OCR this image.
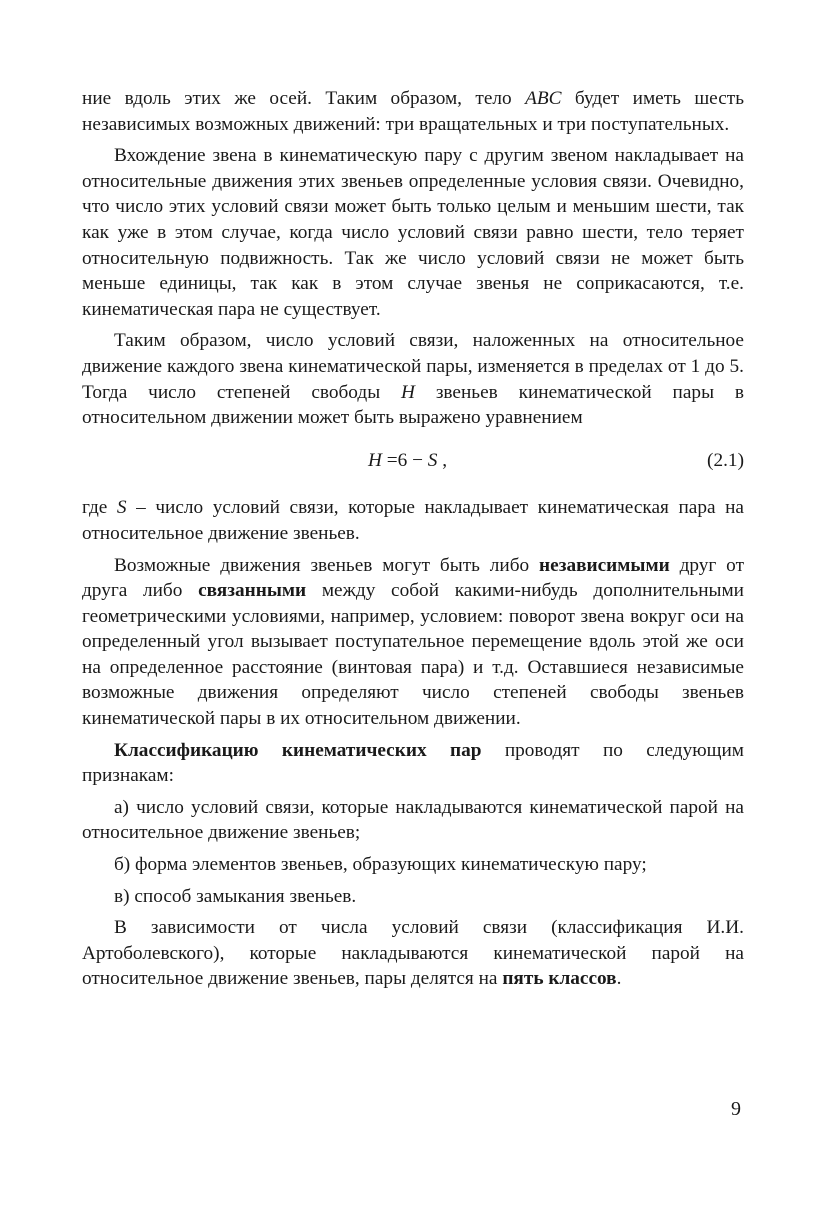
ние вдоль этих же осей. Таким образом, тело ABC будет иметь шесть независимых возможных движений: три вращательных и три поступательных.

Вхождение звена в кинематическую пару с другим звеном накладывает на относительные движения этих звеньев определенные условия связи. Очевидно, что число этих условий связи может быть только целым и меньшим шести, так как уже в этом случае, когда число условий связи равно шести, тело теряет относительную подвижность. Так же число условий связи не может быть меньше единицы, так как в этом случае звенья не соприкасаются, т.е. кинематическая пара не существует.

Таким образом, число условий связи, наложенных на относительное движение каждого звена кинематической пары, изменяется в пределах от 1 до 5. Тогда число степеней свободы H звеньев кинематической пары в относительном движении может быть выражено уравнением

H =6 − S ,	(2.1)

где S – число условий связи, которые накладывает кинематическая пара на относительное движение звеньев.

Возможные движения звеньев могут быть либо независимыми друг от друга либо связанными между собой какими-нибудь дополнительными геометрическими условиями, например, условием: поворот звена вокруг оси на определенный угол вызывает поступательное перемещение вдоль этой же оси на определенное расстояние (винтовая пара) и т.д. Оставшиеся независимые возможные движения определяют число степеней свободы звеньев кинематической пары в их относительном движении.

Классификацию кинематических пар проводят по следующим признакам:

а) число условий связи, которые накладываются кинематической парой на относительное движение звеньев;

б) форма элементов звеньев, образующих кинематическую пару;

в) способ замыкания звеньев.

В зависимости от числа условий связи (классификация И.И. Артоболевского), которые накладываются кинематической парой на относительное движение звеньев, пары делятся на пять классов.

9
